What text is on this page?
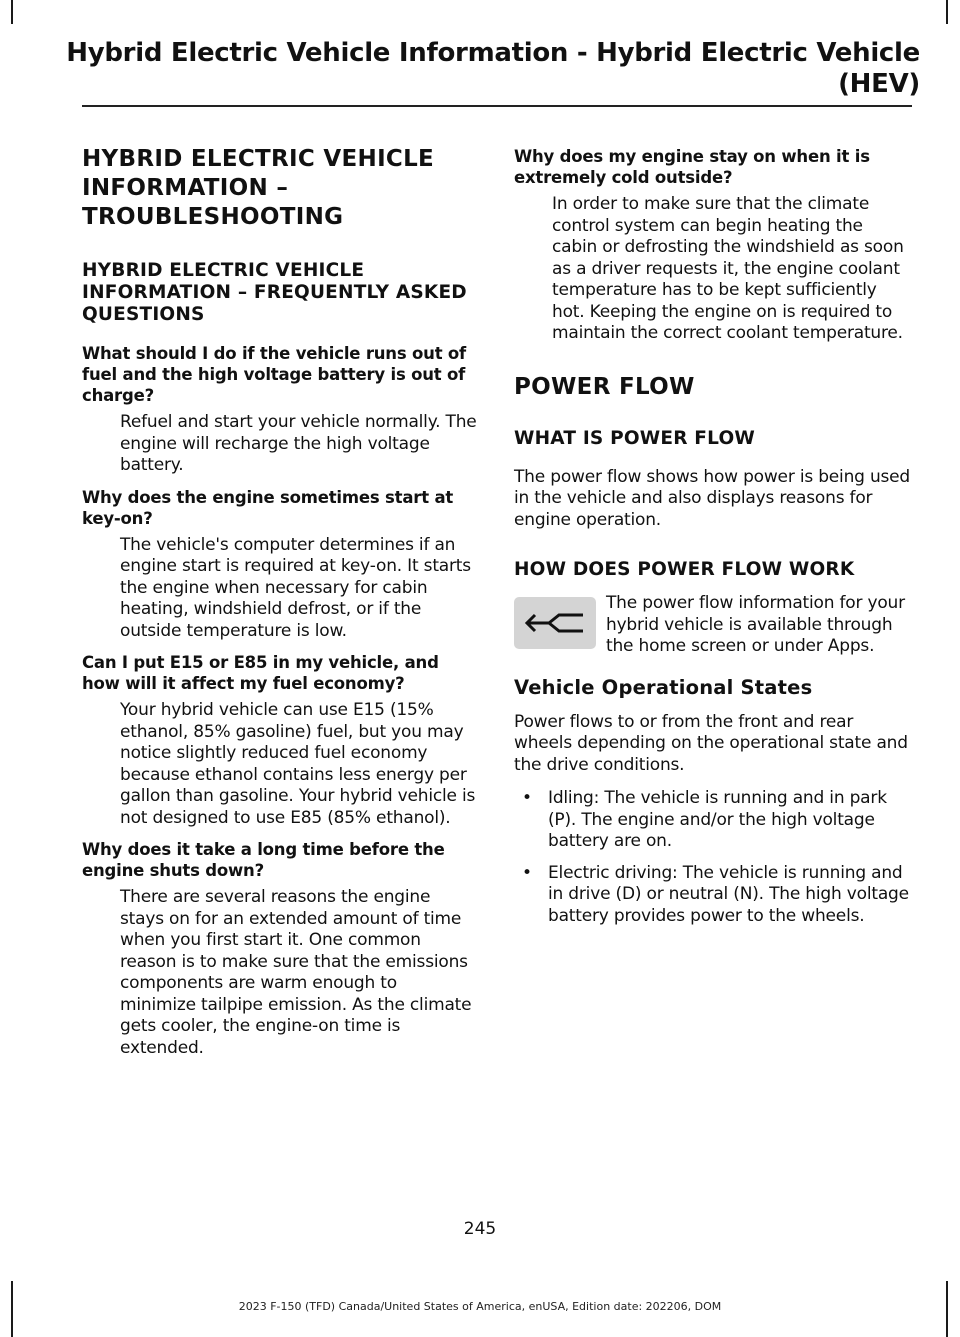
Hybrid Electric Vehicle Information - Hybrid Electric Vehicle (HEV)
HYBRID ELECTRIC VEHICLE INFORMATION – TROUBLESHOOTING
HYBRID ELECTRIC VEHICLE INFORMATION – FREQUENTLY ASKED QUESTIONS
What should I do if the vehicle runs out of fuel and the high voltage battery is out of charge?
Refuel and start your vehicle normally. The engine will recharge the high voltage battery.
Why does the engine sometimes start at key-on?
The vehicle's computer determines if an engine start is required at key-on. It starts the engine when necessary for cabin heating, windshield defrost, or if the outside temperature is low.
Can I put E15 or E85 in my vehicle, and how will it affect my fuel economy?
Your hybrid vehicle can use E15 (15% ethanol, 85% gasoline) fuel, but you may notice slightly reduced fuel economy because ethanol contains less energy per gallon than gasoline. Your hybrid vehicle is not designed to use E85 (85% ethanol).
Why does it take a long time before the engine shuts down?
There are several reasons the engine stays on for an extended amount of time when you first start it. One common reason is to make sure that the emissions components are warm enough to minimize tailpipe emission. As the climate gets cooler, the engine-on time is extended.
Why does my engine stay on when it is extremely cold outside?
In order to make sure that the climate control system can begin heating the cabin or defrosting the windshield as soon as a driver requests it, the engine coolant temperature has to be kept sufficiently hot. Keeping the engine on is required to maintain the correct coolant temperature.
POWER FLOW
WHAT IS POWER FLOW
The power flow shows how power is being used in the vehicle and also displays reasons for engine operation.
HOW DOES POWER FLOW WORK
The power flow information for your hybrid vehicle is available through the home screen or under Apps.
Vehicle Operational States
Power flows to or from the front and rear wheels depending on the operational state and the drive conditions.
• Idling: The vehicle is running and in park (P). The engine and/or the high voltage battery are on.
• Electric driving: The vehicle is running and in drive (D) or neutral (N). The high voltage battery provides power to the wheels.
245
2023 F-150 (TFD) Canada/United States of America, enUSA, Edition date: 202206, DOM
